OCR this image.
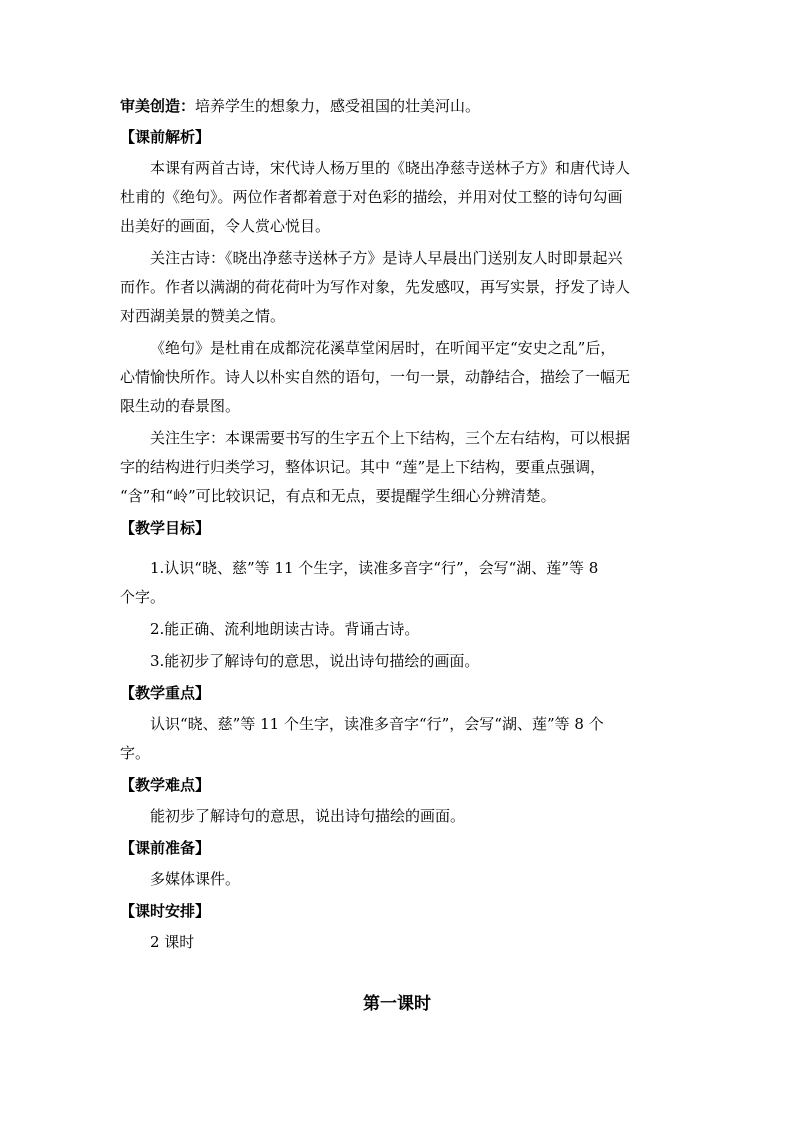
审美创造：培养学生的想象力，感受祖国的壮美河山。

【课前解析】

本课有两首古诗，宋代诗人杨万里的《晓出净慈寺送林子方》和唐代诗人
杜甫的《绝句》。两位作者都着意于对色彩的描绘，并用对仗工整的诗句勾画
出美好的画面，令人赏心悦目。
关注古诗：《晓出净慈寺送林子方》是诗人早晨出门送别友人时即景起兴
而作。作者以满湖的荷花荷叶为写作对象，先发感叹，再写实景，抒发了诗人
对西湖美景的赞美之情。
《绝句》是杜甫在成都浣花溪草堂闲居时，在听闻平定“安史之乱”后，
心情愉快所作。诗人以朴实自然的语句，一句一景，动静结合，描绘了一幅无
限生动的春景图。
关注生字：本课需要书写的生字五个上下结构，三个左右结构，可以根据
字的结构进行归类学习，整体识记。其中 “莲”是上下结构，要重点强调，
“含”和“岭”可比较识记，有点和无点，要提醒学生细心分辨清楚。

【教学目标】

1.认识“晓、慈”等 11 个生字，读准多音字“行”，会写“湖、莲”等 8
个字。

2.能正确、流利地朗读古诗。背诵古诗。

3.能初步了解诗句的意思，说出诗句描绘的画面。

【教学重点】

认识“晓、慈”等 11 个生字，读准多音字“行”，会写“湖、莲”等 8 个
字。

【教学难点】

能初步了解诗句的意思，说出诗句描绘的画面。

【课前准备】

多媒体课件。

【课时安排】

2 课时

第一课时
